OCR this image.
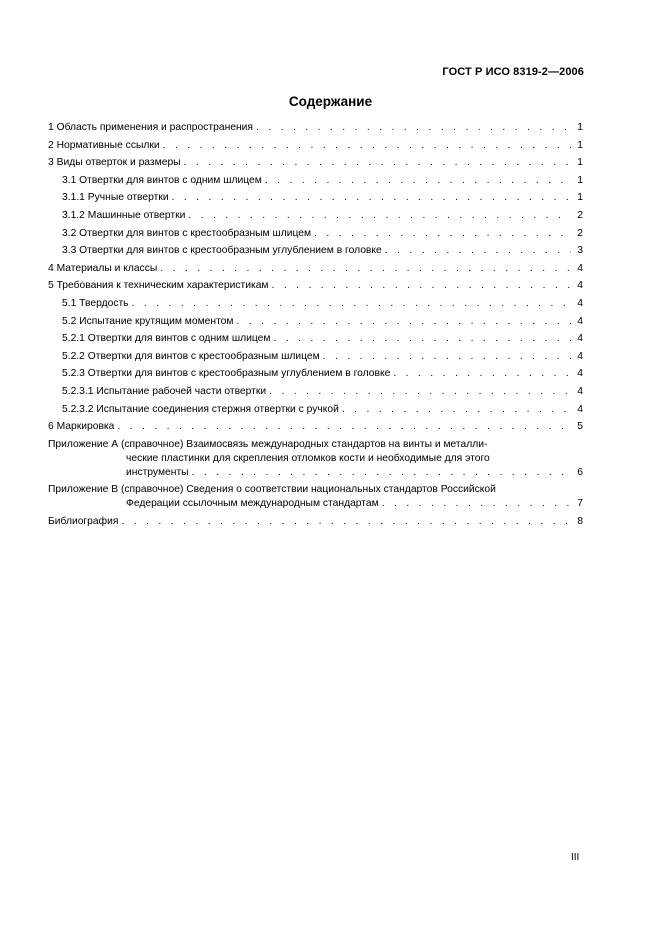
ГОСТ Р ИСО 8319-2—2006
Содержание
1 Область применения и распространения . . .	1
2 Нормативные ссылки . . .	1
3 Виды отверток и размеры . . .	1
3.1 Отвертки для винтов с одним шлицем . . .	1
3.1.1 Ручные отвертки . . .	1
3.1.2 Машинные отвертки . . .	2
3.2 Отвертки для винтов с крестообразным шлицем . . .	2
3.3 Отвертки для винтов с крестообразным углублением в головке . . .	3
4 Материалы и классы . . .	4
5 Требования к техническим характеристикам . . .	4
5.1 Твердость . . .	4
5.2 Испытание крутящим моментом . . .	4
5.2.1 Отвертки для винтов с одним шлицем . . .	4
5.2.2 Отвертки для винтов с крестообразным шлицем . . .	4
5.2.3 Отвертки для винтов с крестообразным углублением в головке . . .	4
5.2.3.1 Испытание рабочей части отвертки . . .	4
5.2.3.2 Испытание соединения стержня отвертки с ручкой . . .	4
6 Маркировка . . .	5
Приложение А (справочное) Взаимосвязь международных стандартов на винты и металли-
ческие пластинки для скрепления отломков кости и необходимые для этого
инструменты . . .	6
Приложение В (справочное) Сведения о соответствии национальных стандартов Российской
Федерации ссылочным международным стандартам . . .	7
Библиография . . .	8
III
